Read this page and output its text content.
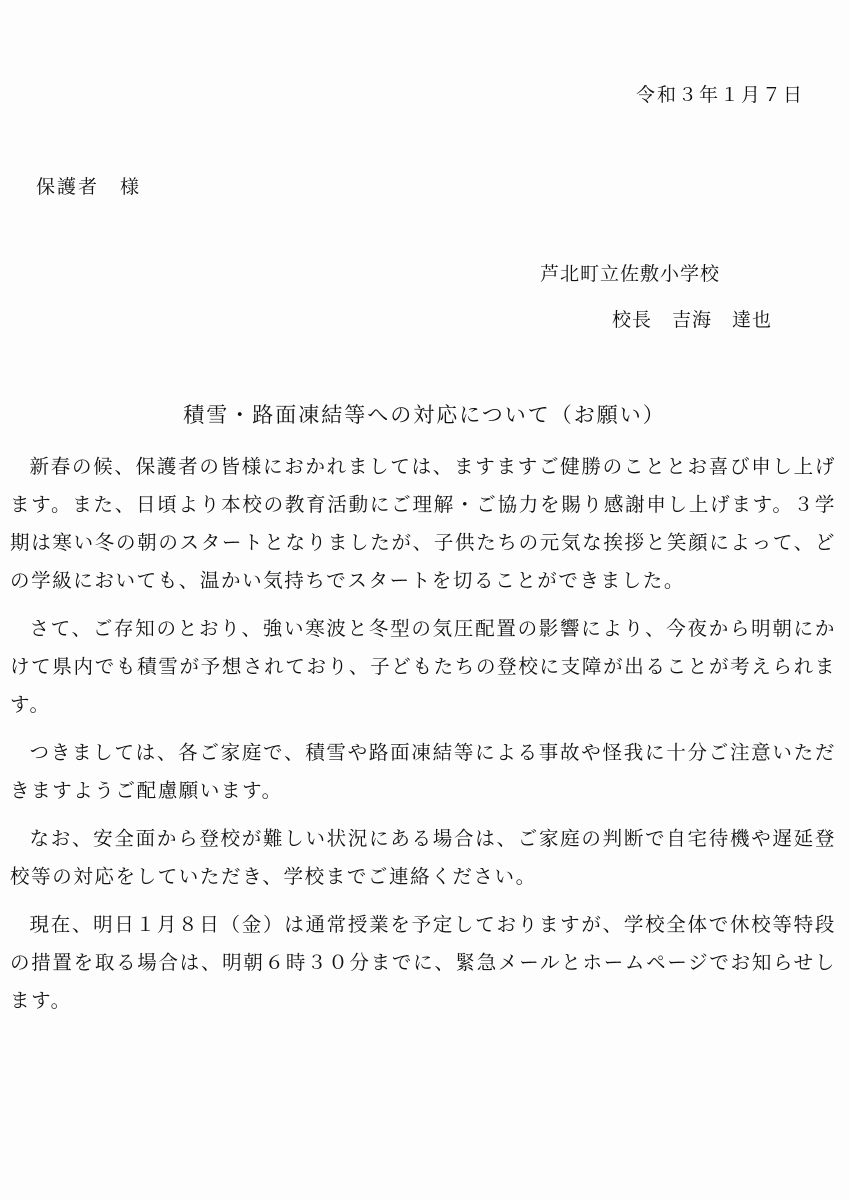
令和３年１月７日
保護者　様
芦北町立佐敷小学校
校長　吉海　達也
積雪・路面凍結等への対応について（お願い）

新春の候、保護者の皆様におかれましては、ますますご健勝のこととお喜び申し上げます。また、日頃より本校の教育活動にご理解・ご協力を賜り感謝申し上げます。３学期は寒い冬の朝のスタートとなりましたが、子供たちの元気な挨拶と笑顔によって、どの学級においても、温かい気持ちでスタートを切ることができました。

さて、ご存知のとおり、強い寒波と冬型の気圧配置の影響により、今夜から明朝にかけて県内でも積雪が予想されており、子どもたちの登校に支障が出ることが考えられます。

つきましては、各ご家庭で、積雪や路面凍結等による事故や怪我に十分ご注意いただきますようご配慮願います。

なお、安全面から登校が難しい状況にある場合は、ご家庭の判断で自宅待機や遅延登校等の対応をしていただき、学校までご連絡ください。

現在、明日１月８日（金）は通常授業を予定しておりますが、学校全体で休校等特段の措置を取る場合は、明朝６時３０分までに、緊急メールとホームページでお知らせします。
